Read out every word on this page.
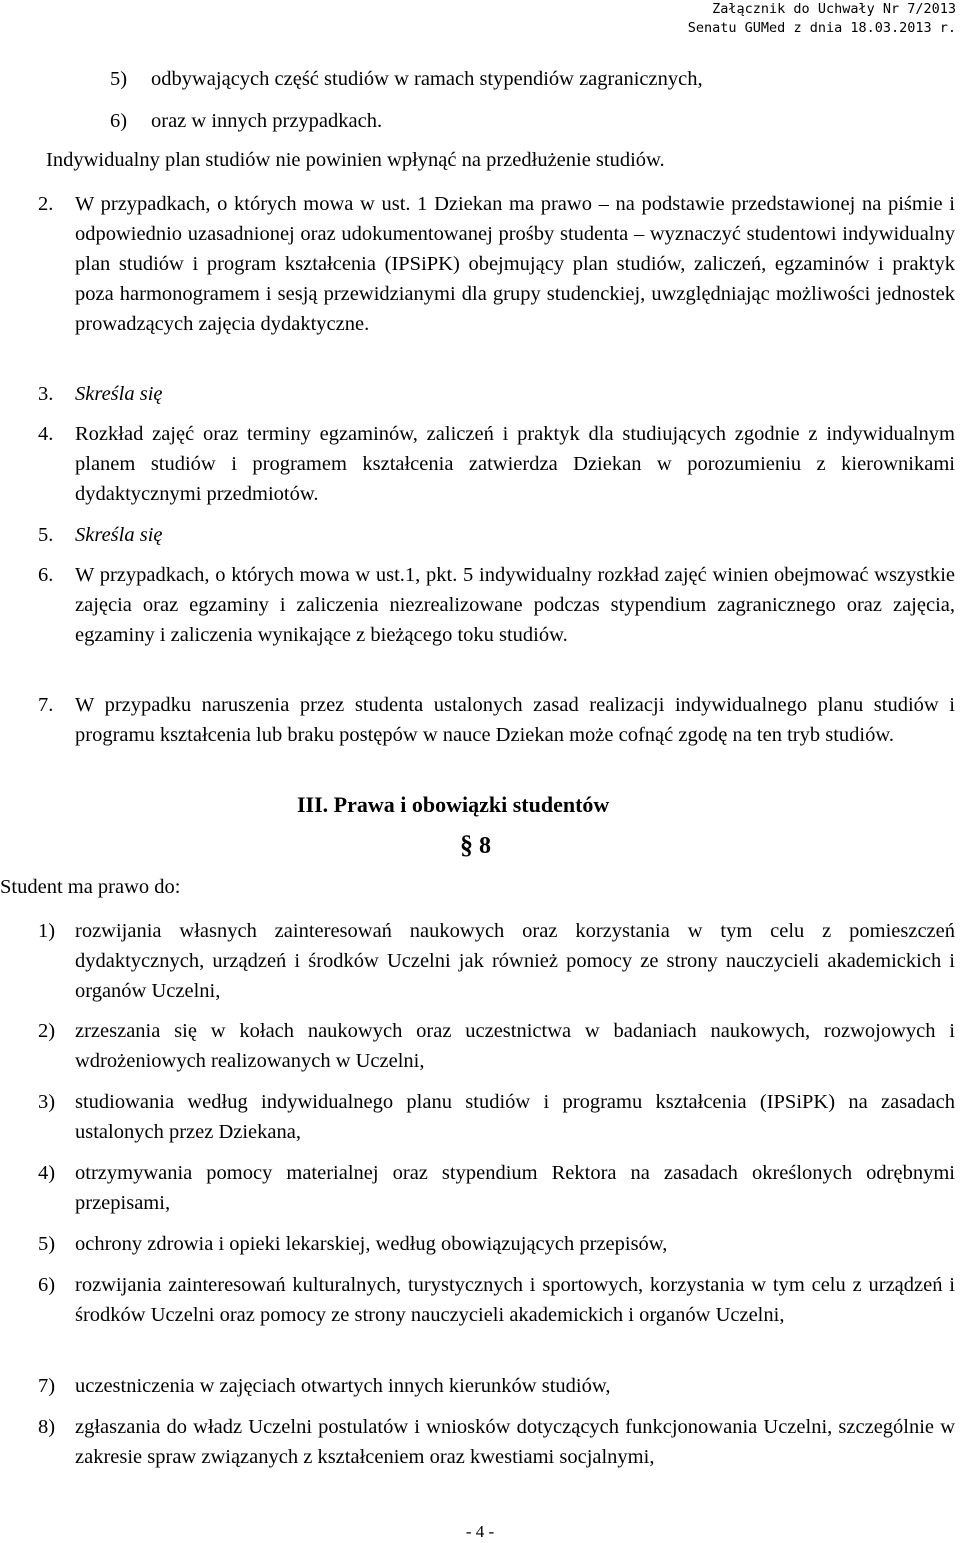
Załącznik do Uchwały Nr 7/2013
Senatu GUMed z dnia 18.03.2013 r.
5) odbywających część studiów w ramach stypendiów zagranicznych,
6) oraz w innych przypadkach.
Indywidualny plan studiów nie powinien wpłynąć na przedłużenie studiów.
2. W przypadkach, o których mowa w ust. 1 Dziekan ma prawo – na podstawie przedstawionej na piśmie i odpowiednio uzasadnionej oraz udokumentowanej prośby studenta – wyznaczyć studentowi indywidualny plan studiów i program kształcenia (IPSiPK) obejmujący plan studiów, zaliczeń, egzaminów i praktyk poza harmonogramem i sesją przewidzianymi dla grupy studenckiej, uwzględniając możliwości jednostek prowadzących zajęcia dydaktyczne.
3. Skreśla się
4. Rozkład zajęć oraz terminy egzaminów, zaliczeń i praktyk dla studiujących zgodnie z indywidualnym planem studiów i programem kształcenia zatwierdza Dziekan w porozumieniu z kierownikami dydaktycznymi przedmiotów.
5. Skreśla się
6. W przypadkach, o których mowa w ust.1, pkt. 5 indywidualny rozkład zajęć winien obejmować wszystkie zajęcia oraz egzaminy i zaliczenia niezrealizowane podczas stypendium zagranicznego oraz zajęcia, egzaminy i zaliczenia wynikające z bieżącego toku studiów.
7. W przypadku naruszenia przez studenta ustalonych zasad realizacji indywidualnego planu studiów i programu kształcenia lub braku postępów w nauce Dziekan może cofnąć zgodę na ten tryb studiów.
III. Prawa i obowiązki studentów
§ 8
Student ma prawo do:
1) rozwijania własnych zainteresowań naukowych oraz korzystania w tym celu z pomieszczeń dydaktycznych, urządzeń i środków Uczelni jak również pomocy ze strony nauczycieli akademickich i organów Uczelni,
2) zrzeszania się w kołach naukowych oraz uczestnictwa w badaniach naukowych, rozwojowych i wdrożeniowych realizowanych w Uczelni,
3) studiowania według indywidualnego planu studiów i programu kształcenia (IPSiPK) na zasadach ustalonych przez Dziekana,
4) otrzymywania pomocy materialnej oraz stypendium Rektora na zasadach określonych odrębnymi przepisami,
5) ochrony zdrowia i opieki lekarskiej, według obowiązujących przepisów,
6) rozwijania zainteresowań kulturalnych, turystycznych i sportowych, korzystania w tym celu z urządzeń i środków Uczelni oraz pomocy ze strony nauczycieli akademickich i organów Uczelni,
7) uczestniczenia w zajęciach otwartych innych kierunków studiów,
8) zgłaszania do władz Uczelni postulatów i wniosków dotyczących funkcjonowania Uczelni, szczególnie w zakresie spraw związanych z kształceniem oraz kwestiami socjalnymi,
- 4 -
